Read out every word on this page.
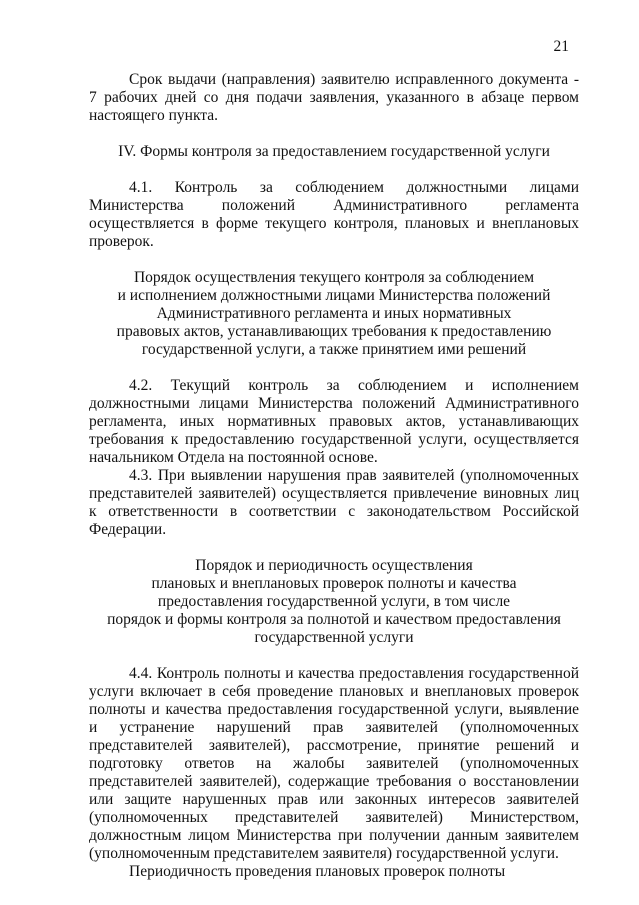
21

Срок выдачи (направления) заявителю исправленного документа - 7 рабочих дней со дня подачи заявления, указанного в абзаце первом настоящего пункта.

IV. Формы контроля за предоставлением государственной услуги

4.1. Контроль за соблюдением должностными лицами Министерства положений Административного регламента осуществляется в форме текущего контроля, плановых и внеплановых проверок.

Порядок осуществления текущего контроля за соблюдением
и исполнением должностными лицами Министерства положений
Административного регламента и иных нормативных
правовых актов, устанавливающих требования к предоставлению
государственной услуги, а также принятием ими решений

4.2. Текущий контроль за соблюдением и исполнением должностными лицами Министерства положений Административного регламента, иных нормативных правовых актов, устанавливающих требования к предоставлению государственной услуги, осуществляется начальником Отдела на постоянной основе.

4.3. При выявлении нарушения прав заявителей (уполномоченных представителей заявителей) осуществляется привлечение виновных лиц к ответственности в соответствии с законодательством Российской Федерации.

Порядок и периодичность осуществления
плановых и внеплановых проверок полноты и качества
предоставления государственной услуги, в том числе
порядок и формы контроля за полнотой и качеством предоставления
государственной услуги

4.4. Контроль полноты и качества предоставления государственной услуги включает в себя проведение плановых и внеплановых проверок полноты и качества предоставления государственной услуги, выявление и устранение нарушений прав заявителей (уполномоченных представителей заявителей), рассмотрение, принятие решений и подготовку ответов на жалобы заявителей (уполномоченных представителей заявителей), содержащие требования о восстановлении или защите нарушенных прав или законных интересов заявителей (уполномоченных представителей заявителей) Министерством, должностным лицом Министерства при получении данным заявителем (уполномоченным представителем заявителя) государственной услуги.

Периодичность проведения плановых проверок полноты
